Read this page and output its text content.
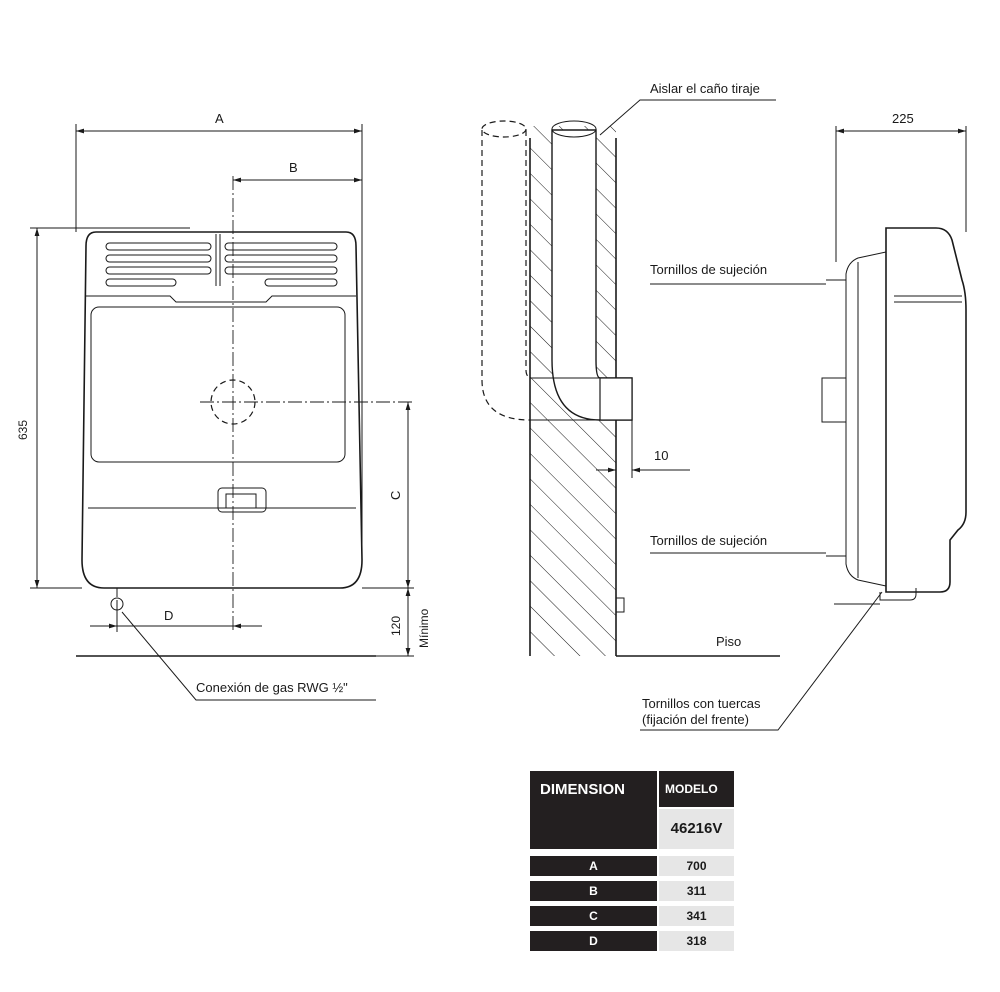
A
B
635
C
120 Mínimo
D
Conexión de gas RWG ½"
Piso
10
Aislar el caño tiraje
225
Tornillos de sujeción
Tornillos de sujeción
Tornillos con tuercas
(fijación del frente)
DIMENSION	MODELO
46216V
A	700
B	311
C	341
D	318
